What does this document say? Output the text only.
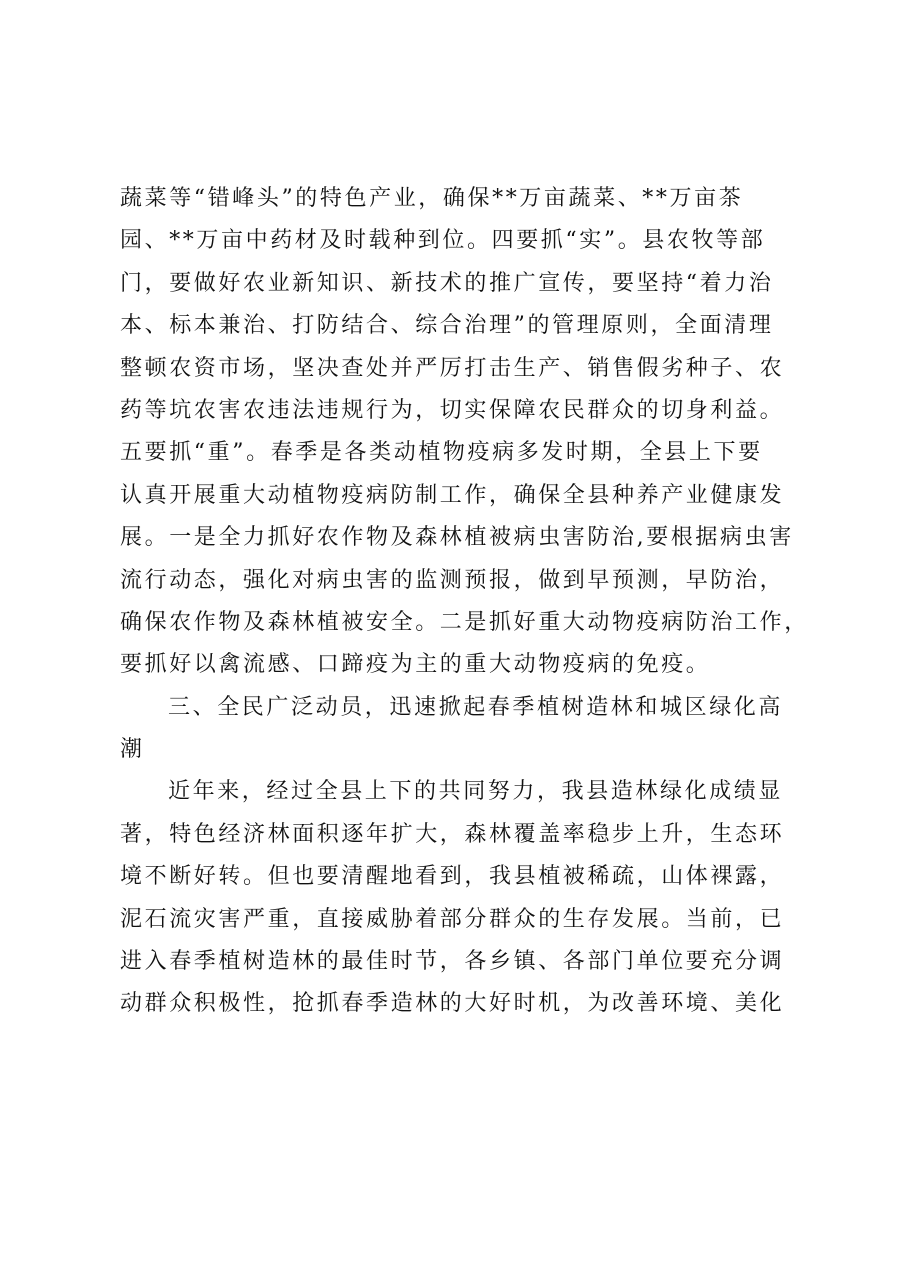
蔬菜等“错峰头”的特色产业，确保**万亩蔬菜、**万亩茶
园、**万亩中药材及时载种到位。四要抓“实”。县农牧等部
门，要做好农业新知识、新技术的推广宣传，要坚持“着力治
本、标本兼治、打防结合、综合治理”的管理原则，全面清理
整顿农资市场，坚决查处并严厉打击生产、销售假劣种子、农
药等坑农害农违法违规行为，切实保障农民群众的切身利益。
五要抓“重”。春季是各类动植物疫病多发时期，全县上下要
认真开展重大动植物疫病防制工作，确保全县种养产业健康发
展。一是全力抓好农作物及森林植被病虫害防治,要根据病虫害
流行动态，强化对病虫害的监测预报，做到早预测，早防治，
确保农作物及森林植被安全。二是抓好重大动物疫病防治工作，
要抓好以禽流感、口蹄疫为主的重大动物疫病的免疫。
三、全民广泛动员，迅速掀起春季植树造林和城区绿化高
潮
近年来，经过全县上下的共同努力，我县造林绿化成绩显
著，特色经济林面积逐年扩大，森林覆盖率稳步上升，生态环
境不断好转。但也要清醒地看到，我县植被稀疏，山体裸露，
泥石流灾害严重，直接威胁着部分群众的生存发展。当前，已
进入春季植树造林的最佳时节，各乡镇、各部门单位要充分调
动群众积极性，抢抓春季造林的大好时机，为改善环境、美化
